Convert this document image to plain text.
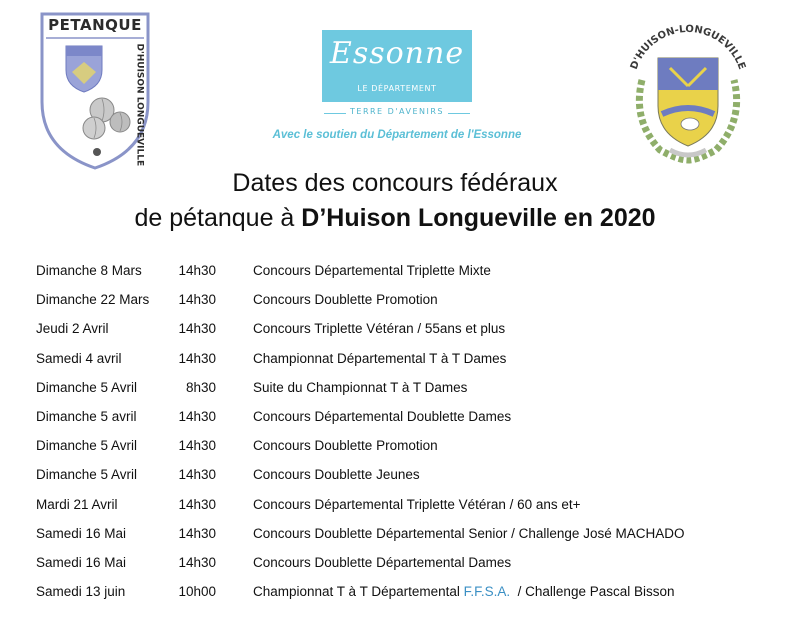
PETANQUE
D'HUISON LONGUEVILLE	Essonne
LE DÉPARTEMENT
TERRE D'AVENIRS
Avec le soutien du Département de l'Essonne
D'HUISON-LONGUEVILLE
Dates des concours fédéraux
de pétanque à D’Huison Longueville en 2020
Dimanche 8 Mars	14h30	Concours Départemental Triplette Mixte
Dimanche 22 Mars 14h30	Concours Doublette Promotion
Jeudi 2 Avril	14h30	Concours Triplette Vétéran / 55ans et plus
Samedi 4 avril	14h30	Championnat Départemental T à T Dames
Dimanche 5 Avril	8h30	Suite du Championnat T à T Dames
Dimanche 5 avril	14h30	Concours Départemental Doublette Dames
Dimanche 5 Avril	14h30	Concours Doublette Promotion
Dimanche 5 Avril	14h30	Concours Doublette Jeunes
Mardi 21 Avril	14h30	Concours Départemental Triplette Vétéran / 60 ans et+
Samedi 16 Mai	14h30	Concours Doublette Départemental Senior / Challenge José MACHADO
Samedi 16 Mai	14h30	Concours Doublette Départemental Dames
Samedi 13 juin	10h00	Championnat T à T Départemental F.F.S.A.  / Challenge Pascal Bisson
